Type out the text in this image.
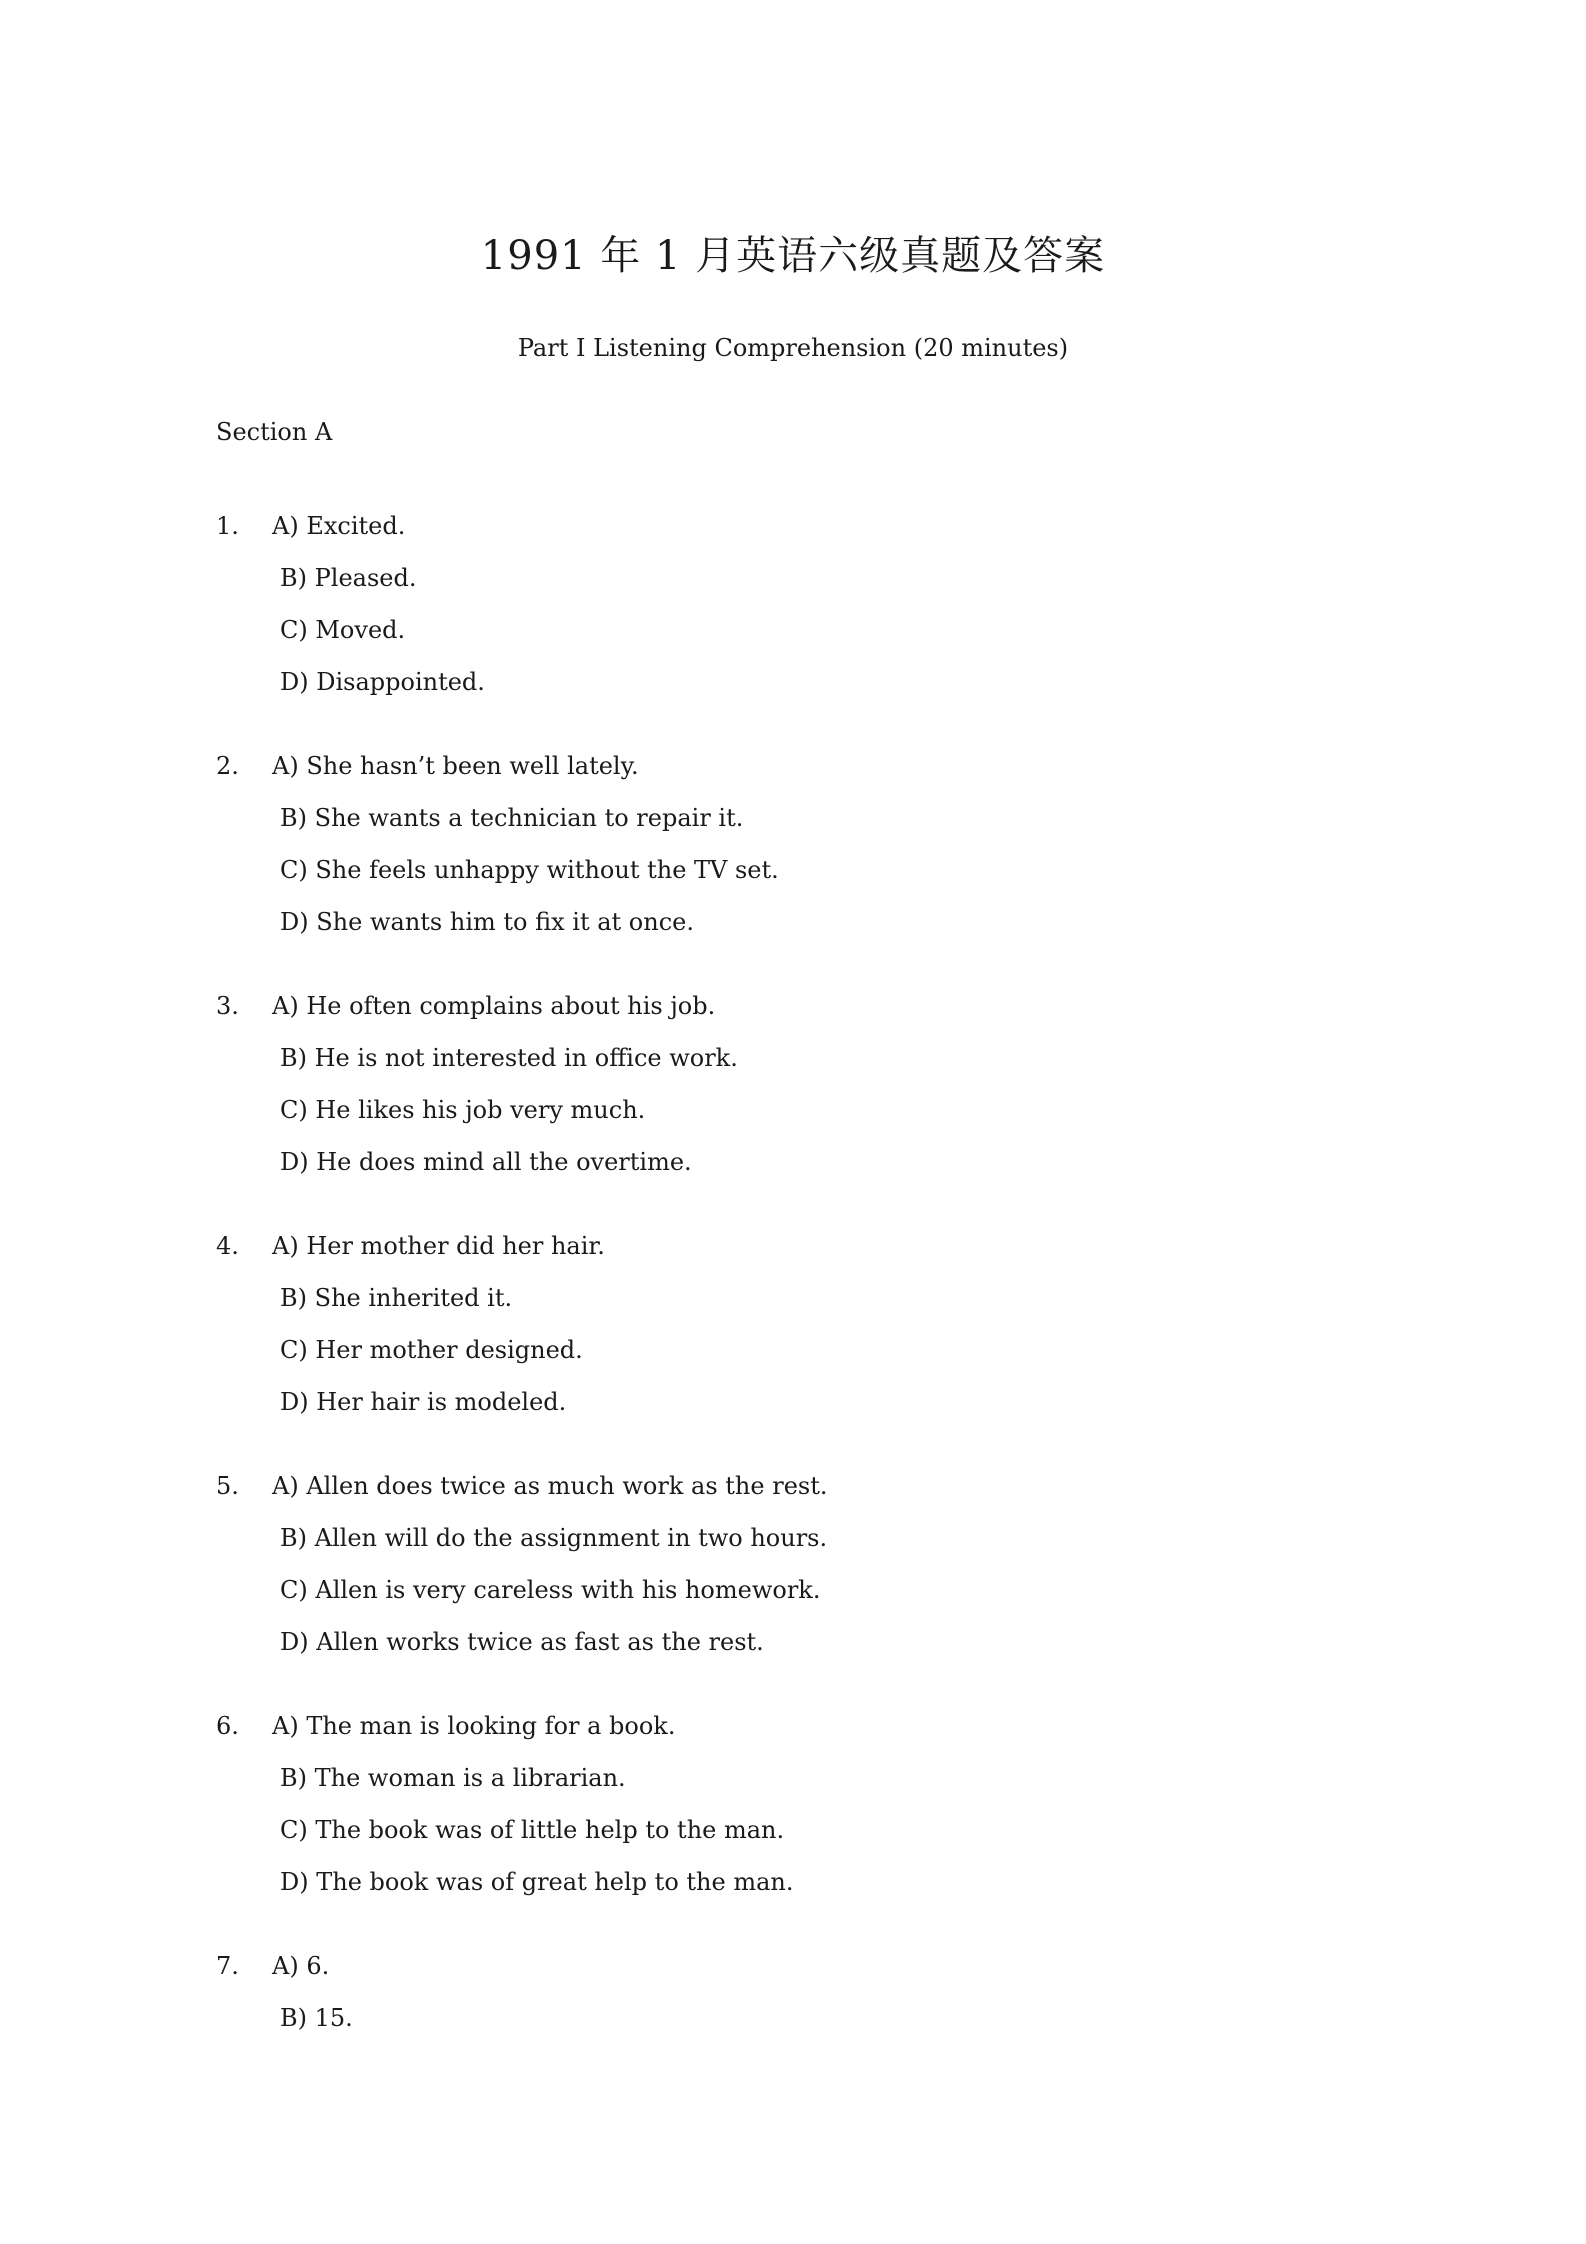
1991 年 1 月英语六级真题及答案
Part I Listening Comprehension (20 minutes)
Section A
1. A) Excited.
B) Pleased.
C) Moved.
D) Disappointed.
2. A) She hasn’t been well lately.
B) She wants a technician to repair it.
C) She feels unhappy without the TV set.
D) She wants him to fix it at once.
3. A) He often complains about his job.
B) He is not interested in office work.
C) He likes his job very much.
D) He does mind all the overtime.
4. A) Her mother did her hair.
B) She inherited it.
C) Her mother designed.
D) Her hair is modeled.
5. A) Allen does twice as much work as the rest.
B) Allen will do the assignment in two hours.
C) Allen is very careless with his homework.
D) Allen works twice as fast as the rest.
6. A) The man is looking for a book.
B) The woman is a librarian.
C) The book was of little help to the man.
D) The book was of great help to the man.
7. A) 6.
B) 15.
